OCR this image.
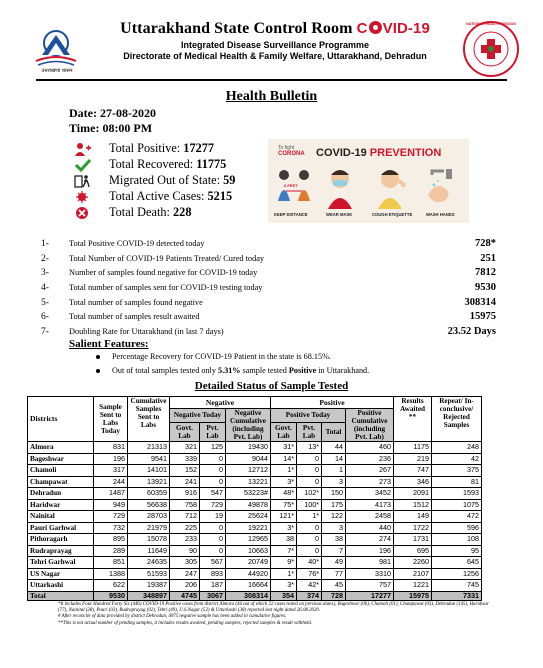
उत्तराखण्ड शासन
Uttarakhand State Control Room C VID-19
Integrated Disease Surveillance Programme
Directorate of Medical Health & Family Welfare, Uttarakhand, Dehradun
NATIONAL HEALTH MISSION
Health Bulletin
Date: 27-08-2020
Time: 08:00 PM
Total Positive: 17277
Total Recovered: 11775
Migrated Out of State: 59
Total Active Cases: 5215
Total Death: 228
To fight
CORONA COVID-19 PREVENTION
6 FEET
KEEP DISTANCE	WEAR MASK	COUGH ETIQUETTE	WASH HANDS
1- Total Positive COVID-19 detected today	728*
2- Total Number of COVID-19 Patients Treated/ Cured today	251
3- Number of samples found negative for COVID-19 today	7812
4- Total number of samples sent for COVID-19 testing today	9530
5- Total number of samples found negative	308314
6- Total number of samples result awaited	15975
7- Doubling Rate for Uttarakhand (in last 7 days)	23.52 Days
Salient Features:
Percentage Recovery for COVID-19 Patient in the state is 68.15%.
Out of total samples tested only 5.31% sample tested Positive in Uttarakhand.
Detailed Status of Sample Tested
Districts	Sample Sent to Labs Today	Cumulative Samples Sent to Labs	Negative			Positive				Results Awaited **	Repeat/ In-conclusive/ Rejected Samples
			Negative Today		Negative Cumulative (including Pvt. Lab)	Positive Today			Positive Cumulative (including Pvt. Lab)		
			Govt. Lab	Pvt. Lab		Govt. Lab	Pvt. Lab	Total			
Almora	831	21313	321	125	19430	31*	13*	44	460	1175	248
Bageshwar	196	9541	339	0	9044	14*	0	14	236	219	42
Chamoli	317	14101	152	0	12712	1*	0	1	267	747	375
Champawat	244	13921	241	0	13221	3*	0	3	273	346	81
Dehradun	1487	60359	916	547	53223#	48*	102*	150	3452	2091	1593
Haridwar	949	56638	758	729	49878	75*	100*	175	4173	1512	1075
Nainital	729	28703	712	19	25624	121*	1*	122	2458	149	472
Pauri Garhwal	732	21979	225	0	19221	3*	0	3	440	1722	596
Pithoragarh	895	15078	233	0	12965	38	0	38	274	1731	108
Rudraprayag	289	11649	90	0	10663	7*	0	7	196	695	95
Tehri Garhwal	851	24635	305	567	20749	9*	40*	49	981	2260	645
US Nagar	1388	51593	247	893	44920	1*	76*	77	3310	2107	1256
Uttarkashi	622	19387	206	187	16664	3*	42*	45	757	1221	745
Total	9530	348897	4745	3067	308314	354	374	728	17277	15975	7331
*It includes Four Hundred Forty Six (446) COVID-19 Positive cases from district Almora (44 out of which 22 cases tested on previous dates), Bageshwar (06), Chamoli (01), Champawat (03), Dehradun (145), Haridwar (77), Nainital (28), Pauri (03), Rudraprayag (02), Tehri (49), U.S.Nagar (52) & Uttarkashi (38) reported last night dated 26.08.2020.
# After reconcile of data provided by district Dehradun, 4075 negative sample has been added in cumulative figures.
**This is not actual number of pending samples, it includes results awaited, pending samples, rejected samples & result withheld.
